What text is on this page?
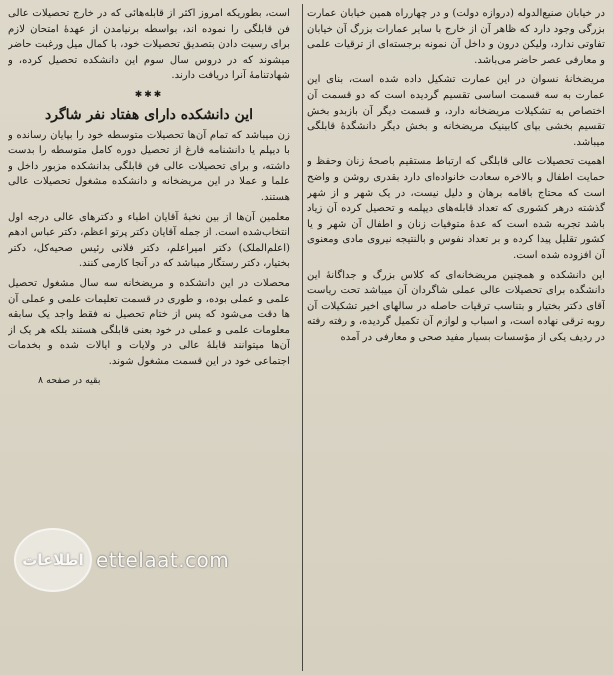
در خیابان صنیع‌الدوله (دروازه دولت) و در چهارراه همین خیابان عمارت بزرگی وجود دارد که ظاهر آن از خارج با سایر عمارات بزرگ آن خیابان تفاوتی ندارد، ولیکن درون و داخل آن نمونه برجسته‌ای از ترقیات علمی و معارفی عصر حاضر می‌باشد.

مریضخانهٔ نسوان در این عمارت تشکیل داده شده است، بنای این عمارت به سه قسمت اساسی تقسیم گردیده است که دو قسمت آن اختصاص به تشکیلات مریضخانه دارد، و قسمت دیگر آن بازبدو بخش تقسیم بخشی بپای کابینیک مریضخانه و بخش دیگر دانشگدهٔ قابلگی میباشد.

اهمیت تحصیلات عالی قابلگی که ارتباط مستقیم باصحهٔ زنان وحفظ و حمایت اطفال و بالاخره سعادت خانواده‌ای دارد بقدری روشن و واضح است که محتاج باقامه برهان و دلیل نیست، در یک شهر و از شهر گذشته درهر کشوری که تعداد قابله‌های دیپلمه و تحصیل کرده آن زیاد باشد تجربه شده است که عدهٔ متوفیات زنان و اطفال آن شهر و یا کشور تقلیل پیدا کرده و بر تعداد نفوس و بالنتیجه نیروی مادی ومعنوی آن افزوده شده است.

این دانشکده و همچنین مریضخانه‌ای که کلاس بزرگ و جداگانهٔ این دانشگده برای تحصیلات عالی عملی شاگردان آن میباشد تحت ریاست آقای دکتر بختیار و بتناسب ترقیات حاصله در سالهای اخیر تشکیلات آن روبه ترقی نهاده است، و اسباب و لوازم آن تکمیل گردیده، و رفته رفته در ردیف یکی از مؤسسات بسیار مفید صحی و معارفی در آمده

است، بطوریکه امروز اکثر از قابله‌هائی که در خارج تحصیلات عالی فن قابلگی را نموده اند، بواسطه برنیامدن از عهدهٔ امتحان لازم برای رسیت دادن بتصدیق تحصیلات خود، با کمال میل ورغبت حاضر میشوند که در دروس سال سوم این دانشکده تحصیل کرده، و شهادتنامهٔ آنرا دریافت دارند.

✱✱✱
این دانشکده دارای هفتاد نفر شاگرد

زن میباشد که تمام آن‌ها تحصیلات متوسطه خود را بپایان رسانده و با دیپلم یا دانشنامه فارغ از تحصیل دوره کامل متوسطه را بدست داشته، و برای تحصیلات عالی فن قابلگی بدانشکده مزبور داخل و علما و عملا در این مریضخانه و دانشکده مشغول تحصیلات عالی هستند.

معلمین آن‌ها از بین نخبهٔ آقایان اطباء و دکترهای عالی درجه اول انتخاب‌شده است. از جمله آقایان دکتر پرتو اعظم، دکتر عباس ادهم (اعلم‌الملک) دکتر امیراعلم، دکتر فلانی رئیس صحیه‌کل، دکتر بختیار، دکتر رستگار میباشد که در آنجا کارمی کنند.

محصلات در این دانشکده و مریضخانه سه سال مشغول تحصیل علمی و عملی بوده، و طوری در قسمت تعلیمات علمی و عملی آن ها دقت می‌شود که پس از ختام تحصیل نه فقط واجد یک سابقه معلومات علمی و عملی در خود بعنی قابلگی هستند بلکه هر یک از آن‌ها میتوانند قابلهٔ عالی در ولایات و ایالات شده و بخدمات اجتماعی خود در این قسمت مشغول شوند.

بقیه در صفحه ۸
اطلاعات ettelaat.com
